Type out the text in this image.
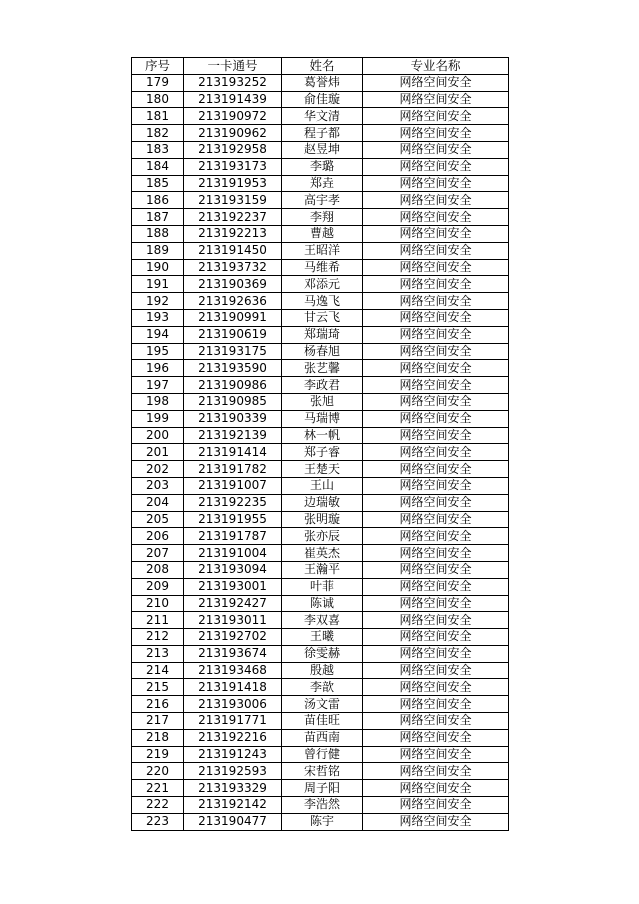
序号	一卡通号	姓名	专业名称
179	213193252	葛誉炜	网络空间安全
180	213191439	俞佳璇	网络空间安全
181	213190972	华文清	网络空间安全
182	213190962	程子都	网络空间安全
183	213192958	赵昱坤	网络空间安全
184	213193173	李璐	网络空间安全
185	213191953	郑垚	网络空间安全
186	213193159	高宇孝	网络空间安全
187	213192237	李翔	网络空间安全
188	213192213	曹越	网络空间安全
189	213191450	王昭洋	网络空间安全
190	213193732	马维希	网络空间安全
191	213190369	邓添元	网络空间安全
192	213192636	马逸飞	网络空间安全
193	213190991	甘云飞	网络空间安全
194	213190619	郑瑞琦	网络空间安全
195	213193175	杨春旭	网络空间安全
196	213193590	张艺馨	网络空间安全
197	213190986	李政君	网络空间安全
198	213190985	张旭	网络空间安全
199	213190339	马瑞博	网络空间安全
200	213192139	林一帆	网络空间安全
201	213191414	郑子睿	网络空间安全
202	213191782	王楚天	网络空间安全
203	213191007	王山	网络空间安全
204	213192235	边瑞敏	网络空间安全
205	213191955	张明璇	网络空间安全
206	213191787	张亦辰	网络空间安全
207	213191004	崔英杰	网络空间安全
208	213193094	王瀚平	网络空间安全
209	213193001	叶菲	网络空间安全
210	213192427	陈诚	网络空间安全
211	213193011	李双喜	网络空间安全
212	213192702	王曦	网络空间安全
213	213193674	徐雯赫	网络空间安全
214	213193468	殷越	网络空间安全
215	213191418	李歆	网络空间安全
216	213193006	汤文雷	网络空间安全
217	213191771	苗佳旺	网络空间安全
218	213192216	苗西南	网络空间安全
219	213191243	曾行健	网络空间安全
220	213192593	宋哲铭	网络空间安全
221	213193329	周子阳	网络空间安全
222	213192142	李浩然	网络空间安全
223	213190477	陈宇	网络空间安全
